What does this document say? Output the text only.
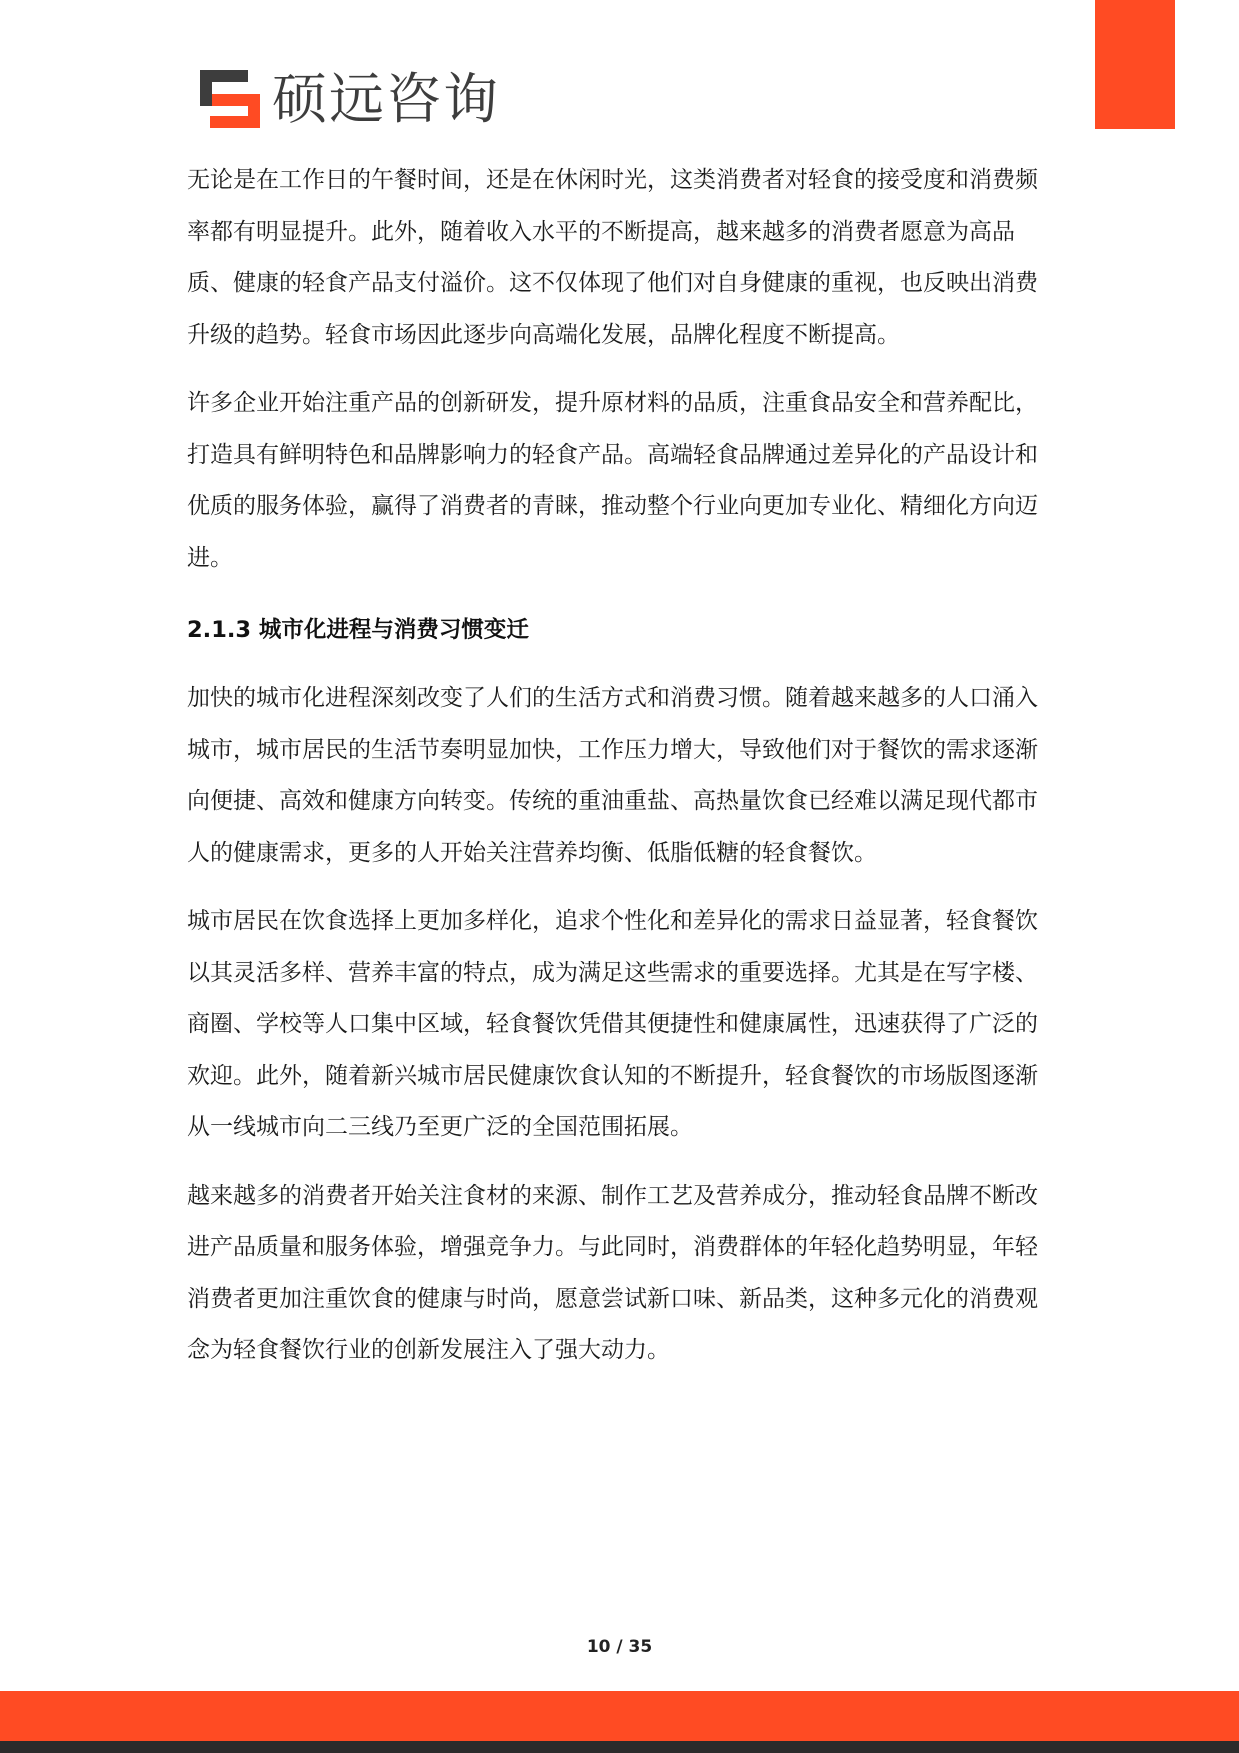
硕远咨询

无论是在工作日的午餐时间，还是在休闲时光，这类消费者对轻食的接受度和消费频率都有明显提升。此外，随着收入水平的不断提高，越来越多的消费者愿意为高品质、健康的轻食产品支付溢价。这不仅体现了他们对自身健康的重视，也反映出消费升级的趋势。轻食市场因此逐步向高端化发展，品牌化程度不断提高。

许多企业开始注重产品的创新研发，提升原材料的品质，注重食品安全和营养配比，打造具有鲜明特色和品牌影响力的轻食产品。高端轻食品牌通过差异化的产品设计和优质的服务体验，赢得了消费者的青睐，推动整个行业向更加专业化、精细化方向迈进。

2.1.3 城市化进程与消费习惯变迁

加快的城市化进程深刻改变了人们的生活方式和消费习惯。随着越来越多的人口涌入城市，城市居民的生活节奏明显加快，工作压力增大，导致他们对于餐饮的需求逐渐向便捷、高效和健康方向转变。传统的重油重盐、高热量饮食已经难以满足现代都市人的健康需求，更多的人开始关注营养均衡、低脂低糖的轻食餐饮。

城市居民在饮食选择上更加多样化，追求个性化和差异化的需求日益显著，轻食餐饮以其灵活多样、营养丰富的特点，成为满足这些需求的重要选择。尤其是在写字楼、商圈、学校等人口集中区域，轻食餐饮凭借其便捷性和健康属性，迅速获得了广泛的欢迎。此外，随着新兴城市居民健康饮食认知的不断提升，轻食餐饮的市场版图逐渐从一线城市向二三线乃至更广泛的全国范围拓展。

越来越多的消费者开始关注食材的来源、制作工艺及营养成分，推动轻食品牌不断改进产品质量和服务体验，增强竞争力。与此同时，消费群体的年轻化趋势明显，年轻消费者更加注重饮食的健康与时尚，愿意尝试新口味、新品类，这种多元化的消费观念为轻食餐饮行业的创新发展注入了强大动力。

10 / 35
